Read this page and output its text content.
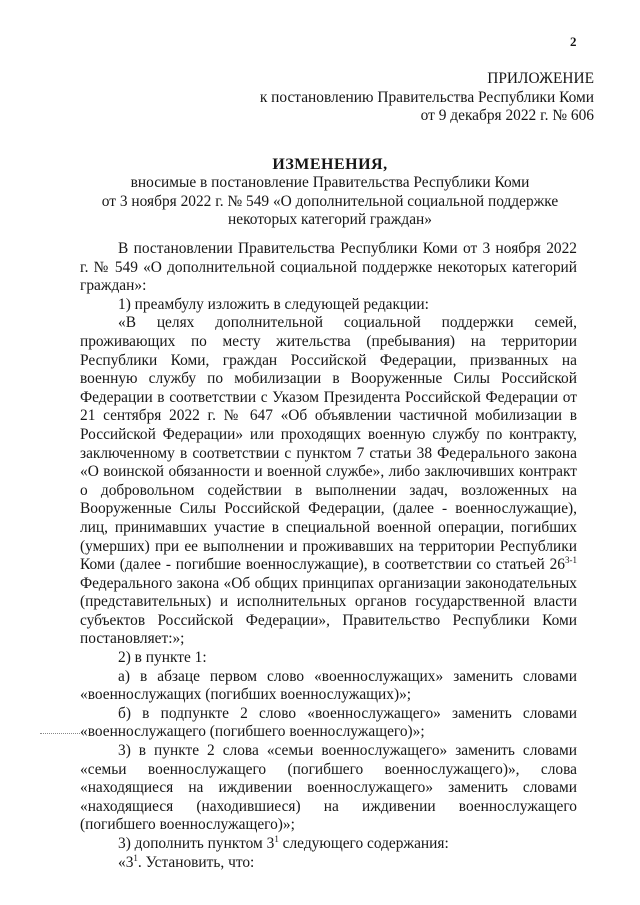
2
ПРИЛОЖЕНИЕ
к постановлению Правительства Республики Коми
от 9 декабря 2022 г. № 606
ИЗМЕНЕНИЯ,
вносимые в постановление Правительства Республики Коми
от 3 ноября 2022 г. № 549 «О дополнительной социальной поддержке
некоторых категорий граждан»

В постановлении Правительства Республики Коми от 3 ноября 2022 г. № 549 «О дополнительной социальной поддержке некоторых категорий граждан»:

1) преамбулу изложить в следующей редакции:

«В целях дополнительной социальной поддержки семей, проживающих по месту жительства (пребывания) на территории Республики Коми, граждан Российской Федерации, призванных на военную службу по мобилизации в Вооруженные Силы Российской Федерации в соответствии с Указом Президента Российской Федерации от 21 сентября 2022 г. № 647 «Об объявлении частичной мобилизации в Российской Федерации» или проходящих военную службу по контракту, заключенному в соответствии с пунктом 7 статьи 38 Федерального закона «О воинской обязанности и военной службе», либо заключивших контракт о добровольном содействии в выполнении задач, возложенных на Вооруженные Силы Российской Федерации, (далее - военнослужащие), лиц, принимавших участие в специальной военной операции, погибших (умерших) при ее выполнении и проживавших на территории Республики Коми (далее - погибшие военнослужащие), в соответствии со статьей 26$^{3-1}$ Федерального закона «Об общих принципах организации законодательных (представительных) и исполнительных органов государственной власти субъектов Российской Федерации», Правительство Республики Коми постановляет:»;

2) в пункте 1:

а) в абзаце первом слово «военнослужащих» заменить словами «военнослужащих (погибших военнослужащих)»;

б) в подпункте 2 слово «военнослужащего» заменить словами «военнослужащего (погибшего военнослужащего)»;

3) в пункте 2 слова «семьи военнослужащего» заменить словами «семьи военнослужащего (погибшего военнослужащего)», слова «находящиеся на иждивении военнослужащего» заменить словами «находящиеся (находившиеся) на иждивении военнослужащего (погибшего военнослужащего)»;

3) дополнить пунктом $3^1$ следующего содержания:

«$3^1$. Установить, что:
